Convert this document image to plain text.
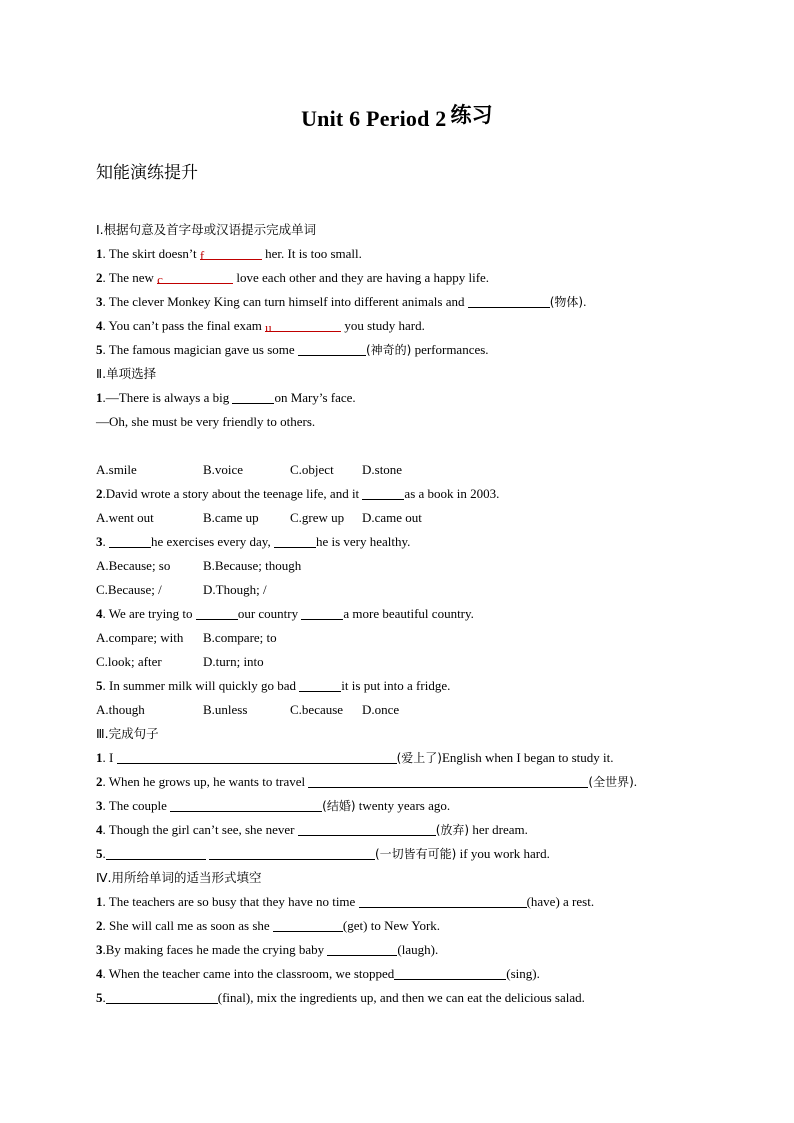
Unit 6 Period 2 练习
知能演练提升
Ⅰ.根据句意及首字母或汉语提示完成单词
1. The skirt doesn’t f	her. It is too small.
2. The new c	love each other and they are having a happy life.
3. The clever Monkey King can turn himself into different animals and	(物体).
4. You can’t pass the final exam u	you study hard.
5. The famous magician gave us some	(神奇的) performances.
Ⅱ.单项选择
1.—There is always a big	on Mary’s face.
—Oh, she must be very friendly to others.
A.smile	B.voice	C.object D.stone
2.David wrote a story about the teenage life, and it	as a book in 2003.
A.went out	B.came up C.grew up D.came out
3.	he exercises every day,	he is very healthy.
A.Because; so	B.Because; though
C.Because; /	D.Though; /
4. We are trying to	our country	a more beautiful country.
A.compare; with B.compare; to
C.look; after	D.turn; into
5. In summer milk will quickly go bad	it is put into a fridge.
A.though	B.unless	C.because D.once
Ⅲ.完成句子
1. I	(爱上了)English when I began to study it.
2. When he grows up, he wants to travel	(全世界).
3. The couple	(结婚) twenty years ago.
4. Though the girl can’t see, she never	(放弃) her dream.
5.	(一切皆有可能) if you work hard.
Ⅳ.用所给单词的适当形式填空
1. The teachers are so busy that they have no time	(have) a rest.
2. She will call me as soon as she	(get) to New York.
3.By making faces he made the crying baby	(laugh).
4. When the teacher came into the classroom, we stopped	(sing).
5.	(final), mix the ingredients up, and then we can eat the delicious salad.
